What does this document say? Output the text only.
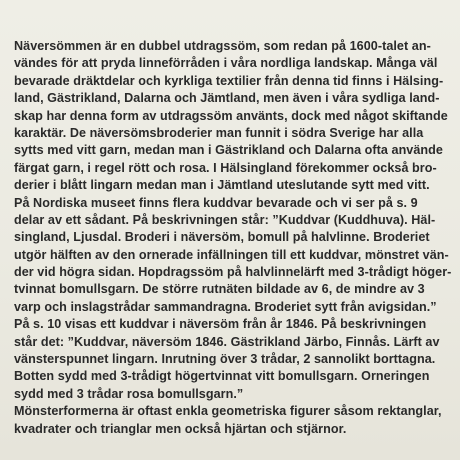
Näversömmen är en dubbel utdragssöm, som redan på 1600-talet an-
vändes för att pryda linneförråden i våra nordliga landskap. Många väl
bevarade dräktdelar och kyrkliga textilier från denna tid finns i Hälsing-
land, Gästrikland, Dalarna och Jämtland, men även i våra sydliga land-
skap har denna form av utdragssöm använts, dock med något skiftande
karaktär. De näversömsbroderier man funnit i södra Sverige har alla
sytts med vitt garn, medan man i Gästrikland och Dalarna ofta använde
färgat garn, i regel rött och rosa. I Hälsingland förekommer också bro-
derier i blått lingarn medan man i Jämtland uteslutande sytt med vitt.
På Nordiska museet finns flera kuddvar bevarade och vi ser på s. 9
delar av ett sådant. På beskrivningen står: ”Kuddvar (Kuddhuva). Häl-
singland, Ljusdal. Broderi i näversöm, bomull på halvlinne. Broderiet
utgör hälften av den ornerade infällningen till ett kuddvar, mönstret vän-
der vid högra sidan. Hopdragssöm på halvlinnelärft med 3-trådigt höger-
tvinnat bomullsgarn. De större rutnäten bildade av 6, de mindre av 3
varp och inslagstrådar sammandragna. Broderiet sytt från avigsidan.”
På s. 10 visas ett kuddvar i näversöm från år 1846. På beskrivningen
står det: ”Kuddvar, näversöm 1846. Gästrikland Järbo, Finnås. Lärft av
vänsterspunnet lingarn. Inrutning över 3 trådar, 2 sannolikt borttagna.
Botten sydd med 3-trådigt högertvinnat vitt bomullsgarn. Orneringen
sydd med 3 trådar rosa bomullsgarn.”
Mönsterformerna är oftast enkla geometriska figurer såsom rektanglar,
kvadrater och trianglar men också hjärtan och stjärnor.
